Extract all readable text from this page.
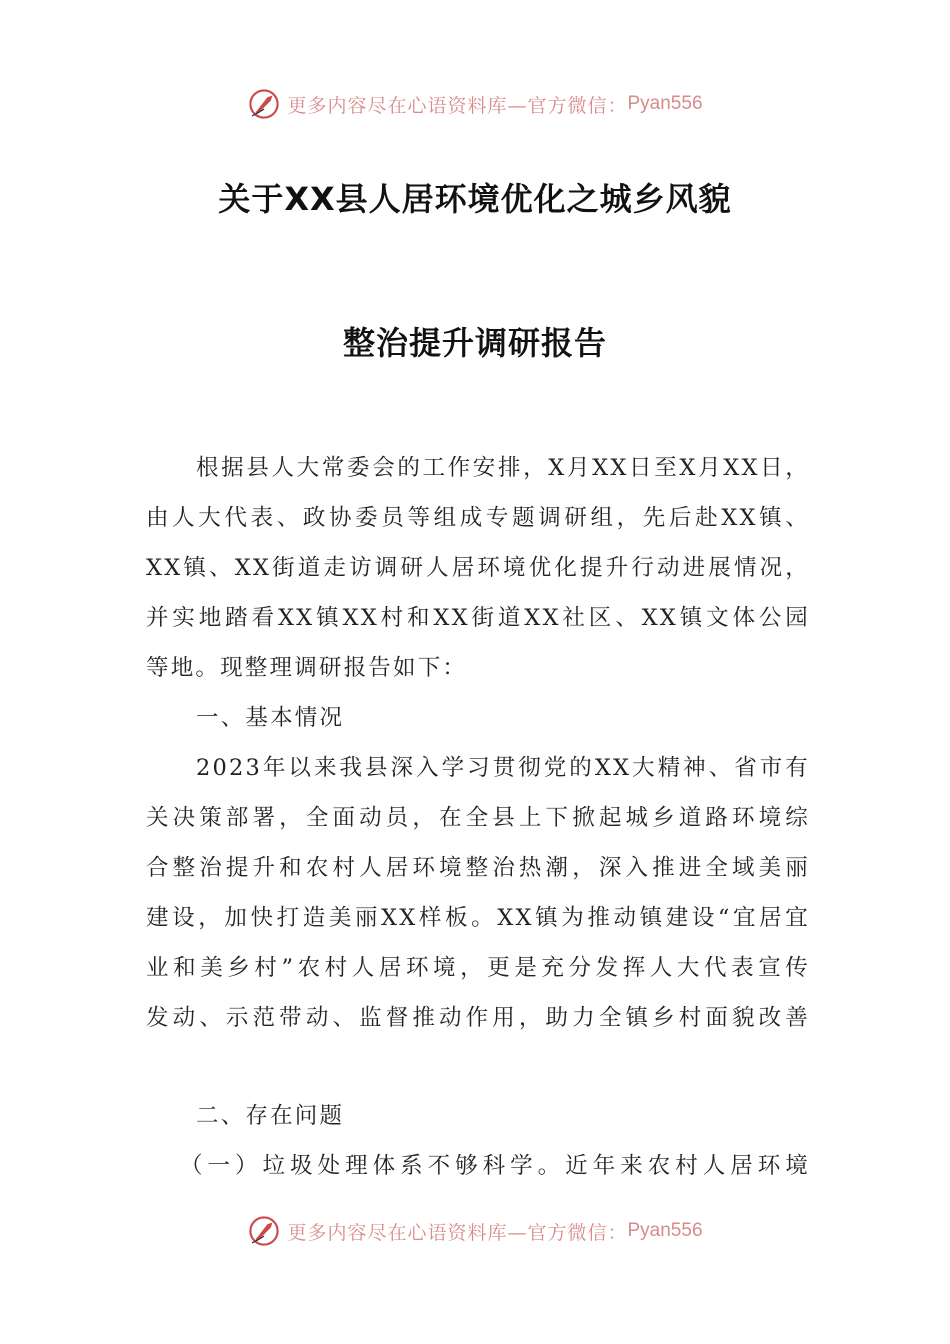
更多内容尽在心语资料库—官方微信： Pyan556
关于XX县人居环境优化之城乡风貌
整治提升调研报告
根据县人大常委会的工作安排，X月XX日至X月XX日，
由人大代表、政协委员等组成专题调研组，先后赴XX镇、
XX镇、XX街道走访调研人居环境优化提升行动进展情况，
并实地踏看XX镇XX村和XX街道XX社区、XX镇文体公园
等地。现整理调研报告如下：
一、基本情况
2023年以来我县深入学习贯彻党的XX大精神、省市有
关决策部署，全面动员，在全县上下掀起城乡道路环境综
合整治提升和农村人居环境整治热潮，深入推进全域美丽
建设，加快打造美丽XX样板。XX镇为推动镇建设“宜居宜
业和美乡村”农村人居环境，更是充分发挥人大代表宣传
发动、示范带动、监督推动作用，助力全镇乡村面貌改善
二、存在问题
（一）垃圾处理体系不够科学。近年来农村人居环境
更多内容尽在心语资料库—官方微信： Pyan556
